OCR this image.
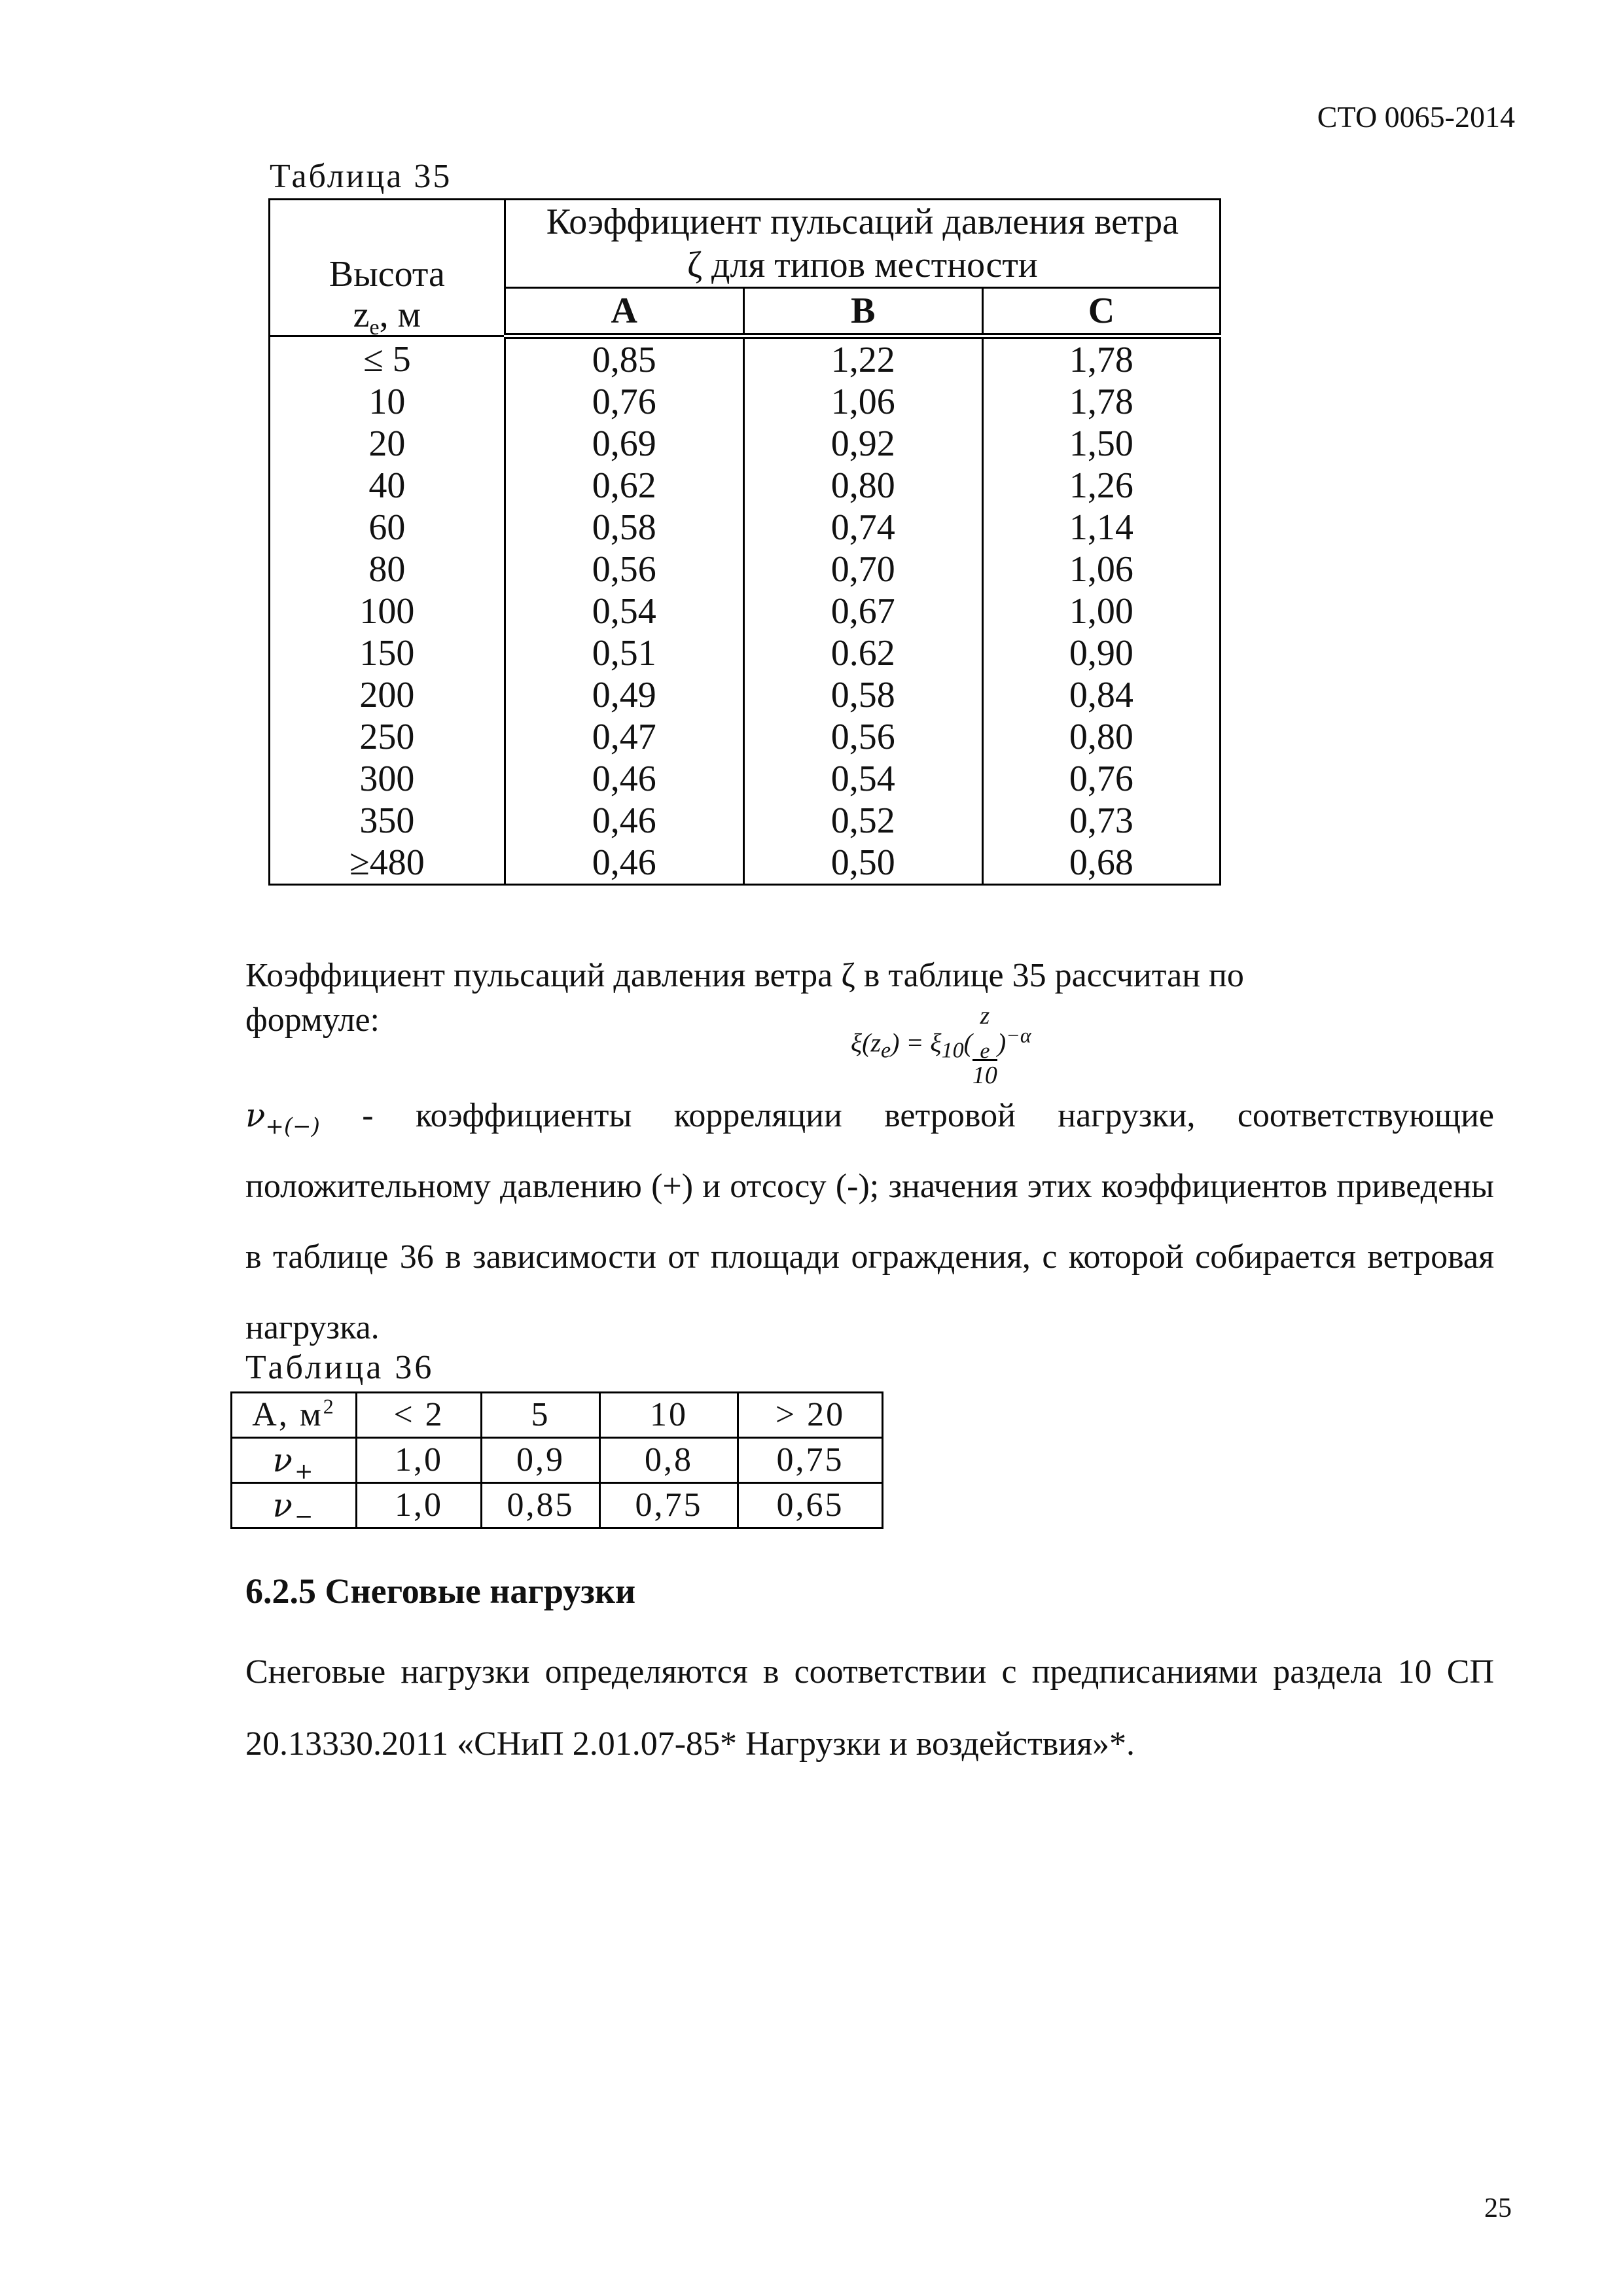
СТО 0065-2014
Таблица 35
Высота
$z_e$, м	Коэффициент пульсаций давления ветра
ζ для типов местности		
	A	B	C
≤ 5	0,85	1,22	1,78
10	0,76	1,06	1,78
20	0,69	0,92	1,50
40	0,62	0,80	1,26
60	0,58	0,74	1,14
80	0,56	0,70	1,06
100	0,54	0,67	1,00
150	0,51	0.62	0,90
200	0,49	0,58	0,84
250	0,47	0,56	0,80
300	0,46	0,54	0,76
350	0,46	0,52	0,73
≥480	0,46	0,50	0,68
Коэффициент пульсаций давления ветра ζ в таблице 35 рассчитан по
формуле:
$\xi(z_e) = \xi_{10}$( z
$_e$
10 )$^{-\alpha}$
$\nu_{+(-)}$ - коэффициенты корреляции ветровой нагрузки, соответствующие положительному давлению (+) и отсосу (-); значения этих коэффициентов приведены в таблице 36 в зависимости от площади ограждения, с которой собирается ветровая нагрузка.
Таблица 36
A, $м^2$	< 2	5	10	> 20
$\nu_+$	1,0	0,9	0,8	0,75
$\nu_-$	1,0	0,85	0,75	0,65
6.2.5 Снеговые нагрузки
Снеговые нагрузки определяются в соответствии с предписаниями раздела 10 СП 20.13330.2011 «СНиП 2.01.07-85* Нагрузки и воздействия»*.
25
